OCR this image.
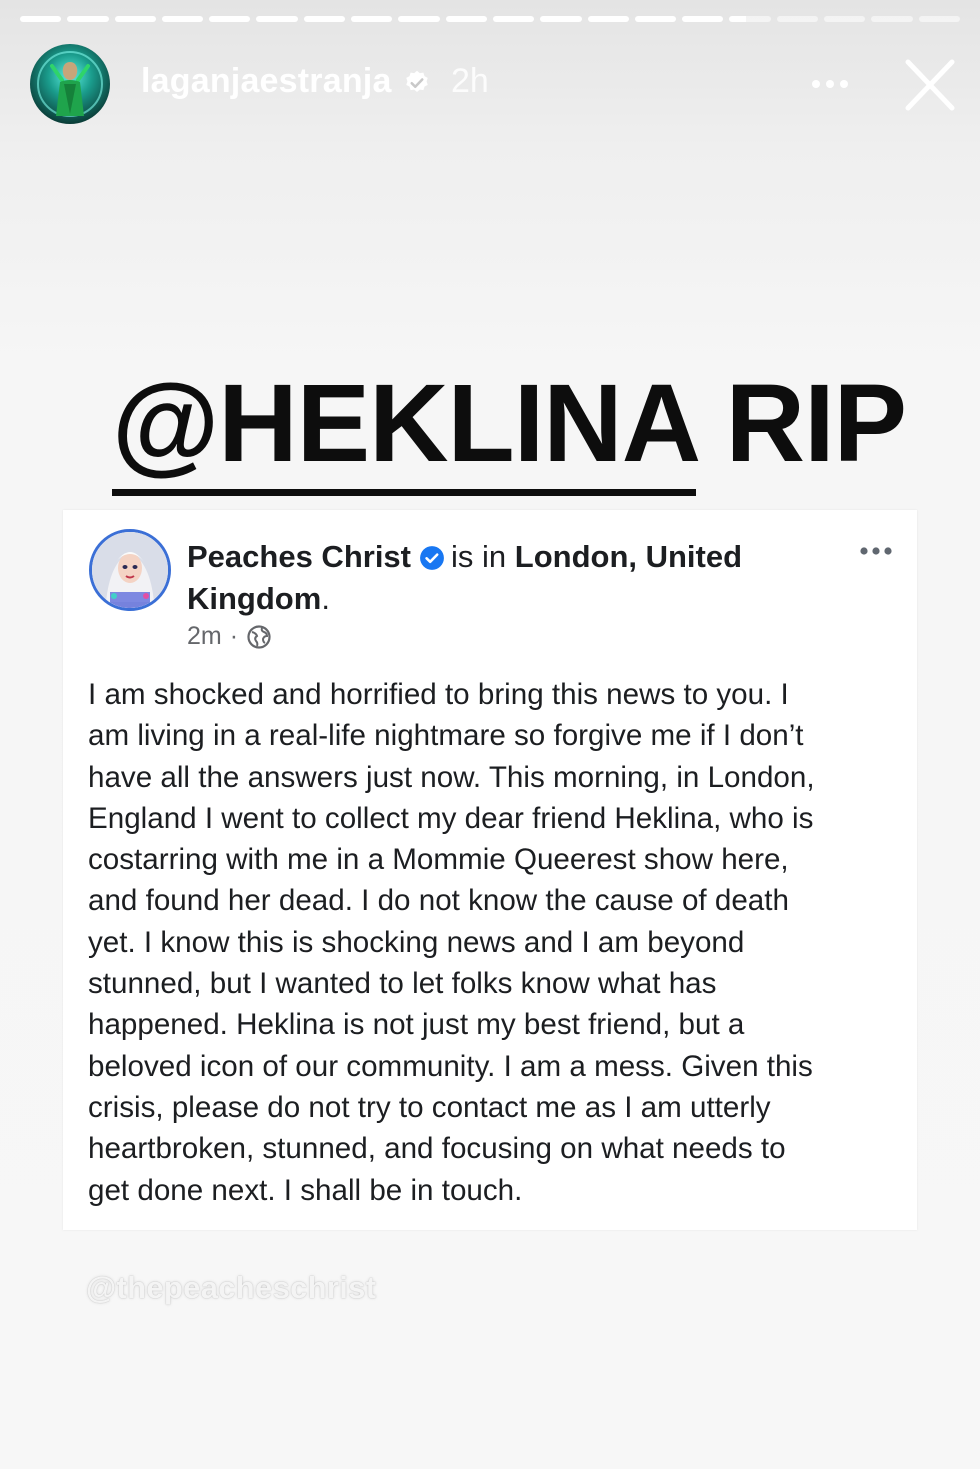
laganjaestranja 2h
@HEKLINA RIP
Peaches Christ is in London, United
Kingdom.
2m ·

I am shocked and horrified to bring this news to you. I
am living in a real-life nightmare so forgive me if I don’t
have all the answers just now. This morning, in London,
England I went to collect my dear friend Heklina, who is
costarring with me in a Mommie Queerest show here,
and found her dead. I do not know the cause of death
yet. I know this is shocking news and I am beyond
stunned, but I wanted to let folks know what has
happened. Heklina is not just my best friend, but a
beloved icon of our community. I am a mess. Given this
crisis, please do not try to contact me as I am utterly
heartbroken, stunned, and focusing on what needs to
get done next. I shall be in touch.

@thepeacheschrist
